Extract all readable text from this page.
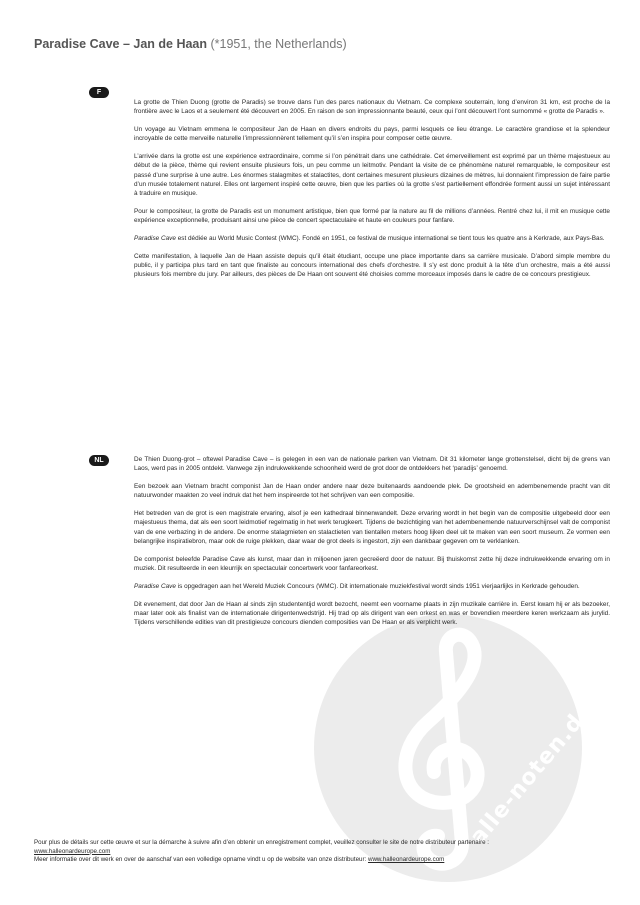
alle-noten.de
Paradise Cave – Jan de Haan (*1951, the Netherlands)
F

La grotte de Thien Duong (grotte de Paradis) se trouve dans l’un des parcs nationaux du Vietnam. Ce complexe souterrain, long d’environ 31 km, est proche de la frontière avec le Laos et a seulement été découvert en 2005. En raison de son impressionnante beauté, ceux qui l’ont découvert l’ont surnommé « grotte de Paradis ».

Un voyage au Vietnam emmena le compositeur Jan de Haan en divers endroits du pays, parmi lesquels ce lieu étrange. Le caractère grandiose et la splendeur incroyable de cette merveille naturelle l’impressionnèrent tellement qu’il s’en inspira pour composer cette œuvre.

L’arrivée dans la grotte est une expérience extraordinaire, comme si l’on pénétrait dans une cathédrale. Cet émerveillement est exprimé par un thème majestueux au début de la pièce, thème qui revient ensuite plusieurs fois, un peu comme un leitmotiv. Pendant la visite de ce phénomène naturel remarquable, le compositeur est passé d’une surprise à une autre. Les énormes stalagmites et stalactites, dont certaines mesurent plusieurs dizaines de mètres, lui donnaient l’impression de faire partie d’un musée totalement naturel. Elles ont largement inspiré cette œuvre, bien que les parties où la grotte s’est partiellement effondrée forment aussi un sujet intéressant à traduire en musique.

Pour le compositeur, la grotte de Paradis est un monument artistique, bien que formé par la nature au fil de millions d’années. Rentré chez lui, il mit en musique cette expérience exceptionnelle, produisant ainsi une pièce de concert spectaculaire et haute en couleurs pour fanfare.

Paradise Cave est dédiée au World Music Contest (WMC). Fondé en 1951, ce festival de musique international se tient tous les quatre ans à Kerkrade, aux Pays-Bas.

Cette manifestation, à laquelle Jan de Haan assiste depuis qu’il était étudiant, occupe une place importante dans sa carrière musicale. D’abord simple membre du public, il y participa plus tard en tant que finaliste au concours international des chefs d’orchestre. Il s’y est donc produit à la tête d’un orchestre, mais a été aussi plusieurs fois membre du jury. Par ailleurs, des pièces de De Haan ont souvent été choisies comme morceaux imposés dans le cadre de ce concours prestigieux.

NL	De Thien Duong-grot – oftewel Paradise Cave – is gelegen in een van de nationale parken van Vietnam. Dit 31 kilometer lange grottenstelsel, dicht bij de grens van Laos, werd pas in 2005 ontdekt. Vanwege zijn indrukwekkende schoonheid werd de grot door de ontdekkers het ‘paradijs’ genoemd.

Een bezoek aan Vietnam bracht componist Jan de Haan onder andere naar deze buitenaards aandoende plek. De grootsheid en adembenemende pracht van dit natuurwonder maakten zo veel indruk dat het hem inspireerde tot het schrijven van een compositie.

Het betreden van de grot is een magistrale ervaring, alsof je een kathedraal binnenwandelt. Deze ervaring wordt in het begin van de compositie uitgebeeld door een majestueus thema, dat als een soort leidmotief regelmatig in het werk terugkeert. Tijdens de bezichtiging van het adembenemende natuurverschijnsel valt de componist van de ene verbazing in de andere. De enorme stalagmieten en stalactieten van tientallen meters hoog lijken deel uit te maken van een soort museum. Ze vormen een belangrijke inspiratiebron, maar ook de ruige plekken, daar waar de grot deels is ingestort, zijn een dankbaar gegeven om te verklanken.

De componist beleefde Paradise Cave als kunst, maar dan in miljoenen jaren gecreëerd door de natuur. Bij thuiskomst zette hij deze indrukwekkende ervaring om in muziek. Dit resulteerde in een kleurrijk en spectaculair concertwerk voor fanfareorkest.

Paradise Cave is opgedragen aan het Wereld Muziek Concours (WMC). Dit internationale muziekfestival wordt sinds 1951 vierjaarlijks in Kerkrade gehouden.

Dit evenement, dat door Jan de Haan al sinds zijn studententijd wordt bezocht, neemt een voorname plaats in zijn muzikale carrière in. Eerst kwam hij er als bezoeker, maar later ook als finalist van de internationale dirigentenwedstrijd. Hij trad op als dirigent van een orkest en was er bovendien meerdere keren werkzaam als jurylid. Tijdens verschillende edities van dit prestigieuze concours dienden composities van De Haan er als verplicht werk.

Pour plus de détails sur cette œuvre et sur la démarche à suivre afin d’en obtenir un enregistrement complet, veuillez consulter le site de notre distributeur partenaire :
www.halleonardeurope.com
Meer informatie over dit werk en over de aanschaf van een volledige opname vindt u op de website van onze distributeur: www.halleonardeurope.com
